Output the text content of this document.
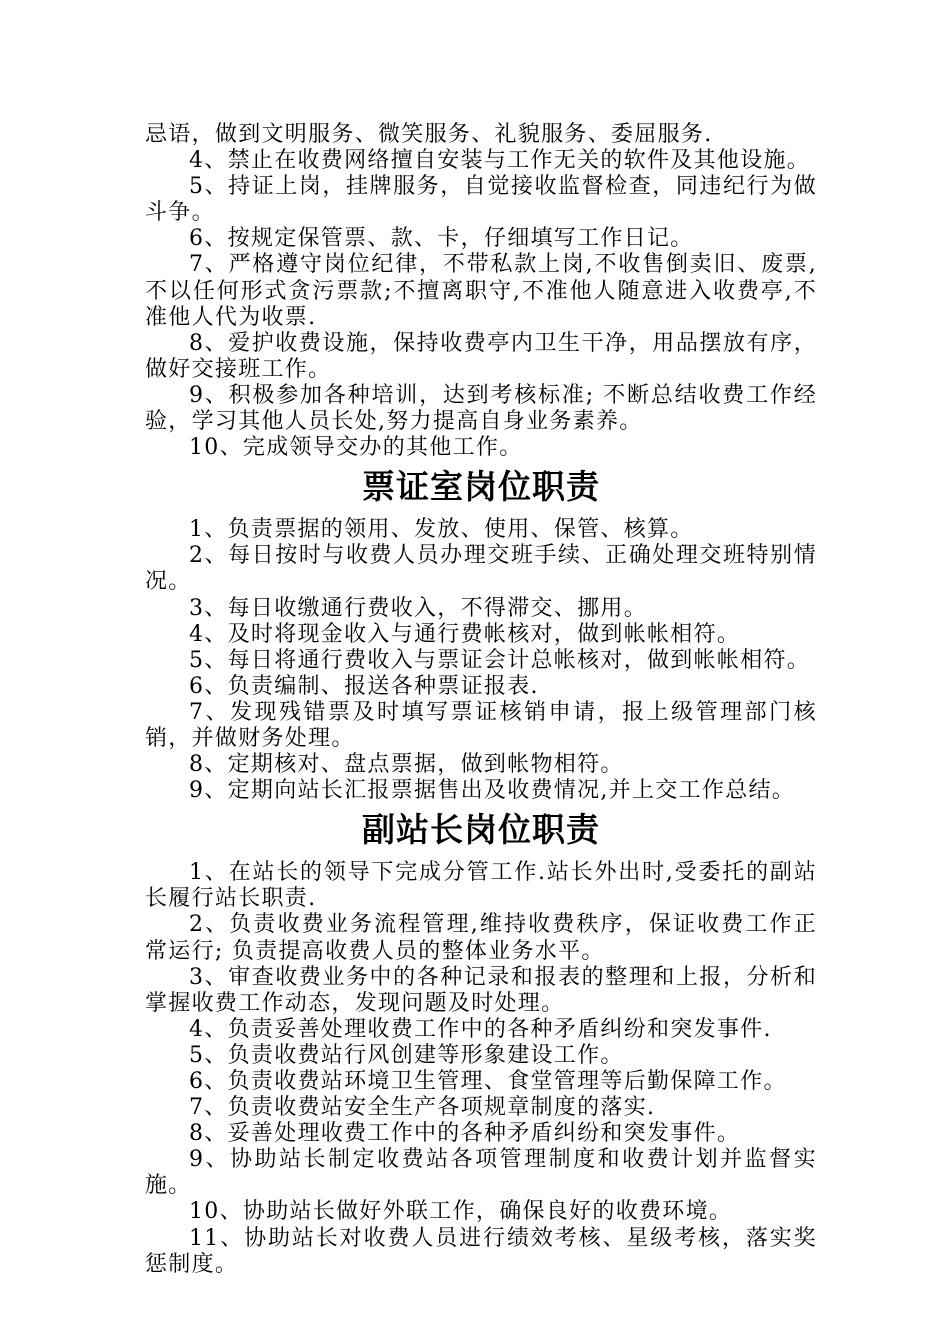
忌语，做到文明服务、微笑服务、礼貌服务、委屈服务.

4、禁止在收费网络擅自安装与工作无关的软件及其他设施。

5、持证上岗，挂牌服务，自觉接收监督检查，同违纪行为做斗争。

6、按规定保管票、款、卡，仔细填写工作日记。

7、严格遵守岗位纪律，不带私款上岗,不收售倒卖旧、废票,不以任何形式贪污票款;不擅离职守,不准他人随意进入收费亭,不准他人代为收票.

8、爱护收费设施，保持收费亭内卫生干净，用品摆放有序，做好交接班工作。

9、积极参加各种培训，达到考核标准; 不断总结收费工作经验，学习其他人员长处,努力提高自身业务素养。

10、完成领导交办的其他工作。

票证室岗位职责

1、负责票据的领用、发放、使用、保管、核算。

2、每日按时与收费人员办理交班手续、正确处理交班特别情况。

3、每日收缴通行费收入，不得滞交、挪用。

4、及时将现金收入与通行费帐核对，做到帐帐相符。

5、每日将通行费收入与票证会计总帐核对，做到帐帐相符。

6、负责编制、报送各种票证报表.

7、发现残错票及时填写票证核销申请，报上级管理部门核销，并做财务处理。

8、定期核对、盘点票据，做到帐物相符。

9、定期向站长汇报票据售出及收费情况,并上交工作总结。

副站长岗位职责

1、在站长的领导下完成分管工作.站长外出时,受委托的副站长履行站长职责.

2、负责收费业务流程管理,维持收费秩序，保证收费工作正常运行; 负责提高收费人员的整体业务水平。

3、审查收费业务中的各种记录和报表的整理和上报，分析和掌握收费工作动态，发现问题及时处理。

4、负责妥善处理收费工作中的各种矛盾纠纷和突发事件.

5、负责收费站行风创建等形象建设工作。

6、负责收费站环境卫生管理、食堂管理等后勤保障工作。

7、负责收费站安全生产各项规章制度的落实.

8、妥善处理收费工作中的各种矛盾纠纷和突发事件。

9、协助站长制定收费站各项管理制度和收费计划并监督实施。

10、协助站长做好外联工作，确保良好的收费环境。

11、协助站长对收费人员进行绩效考核、星级考核，落实奖惩制度。
